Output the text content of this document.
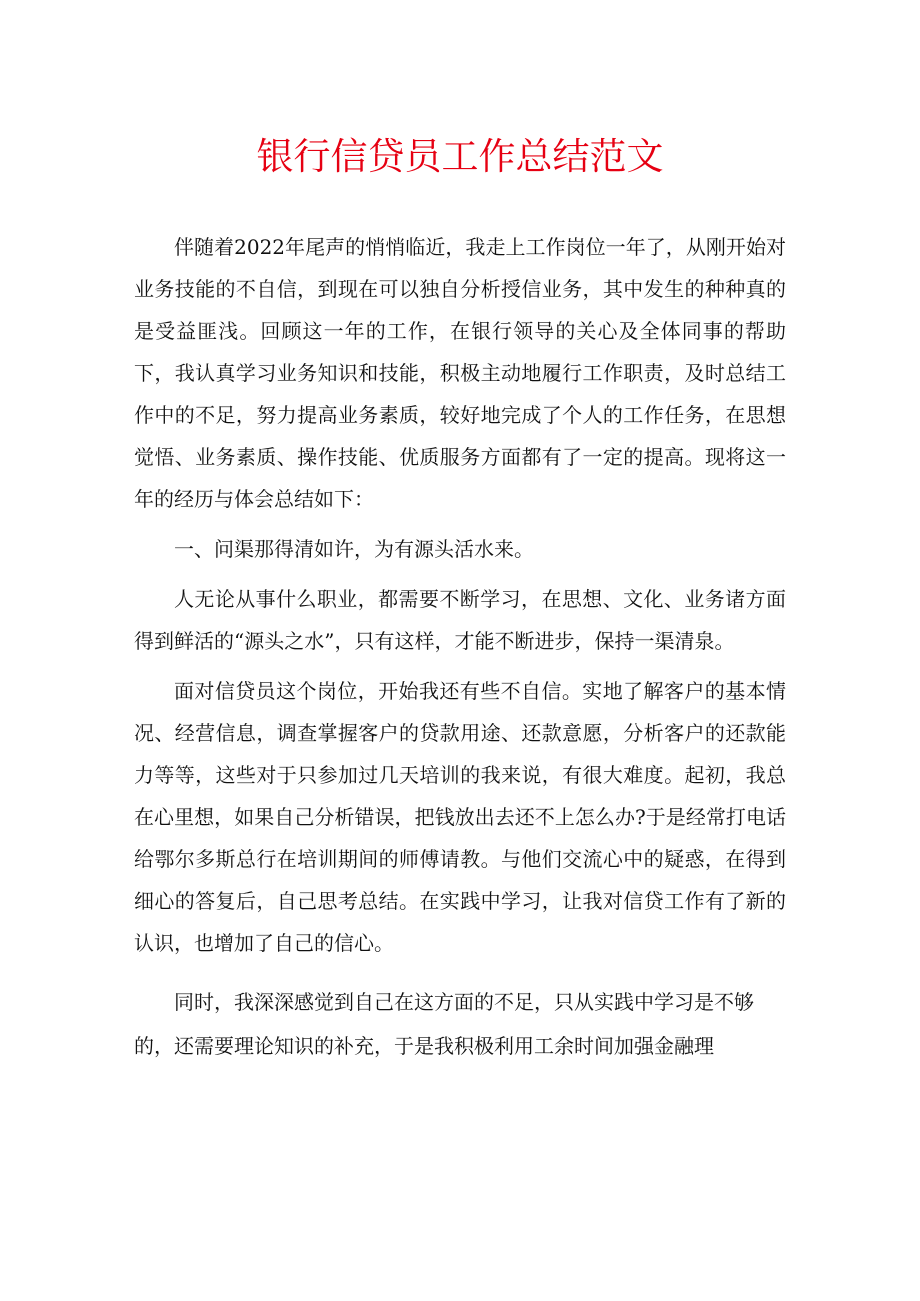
银行信贷员工作总结范文

伴随着2022年尾声的悄悄临近，我走上工作岗位一年了，从刚开始对业务技能的不自信，到现在可以独自分析授信业务，其中发生的种种真的是受益匪浅。回顾这一年的工作，在银行领导的关心及全体同事的帮助下，我认真学习业务知识和技能，积极主动地履行工作职责，及时总结工作中的不足，努力提高业务素质，较好地完成了个人的工作任务，在思想觉悟、业务素质、操作技能、优质服务方面都有了一定的提高。现将这一年的经历与体会总结如下：

一、问渠那得清如许，为有源头活水来。

人无论从事什么职业，都需要不断学习，在思想、文化、业务诸方面得到鲜活的“源头之水”，只有这样，才能不断进步，保持一渠清泉。

面对信贷员这个岗位，开始我还有些不自信。实地了解客户的基本情况、经营信息，调查掌握客户的贷款用途、还款意愿，分析客户的还款能力等等，这些对于只参加过几天培训的我来说，有很大难度。起初，我总在心里想，如果自己分析错误，把钱放出去还不上怎么办?于是经常打电话给鄂尔多斯总行在培训期间的师傅请教。与他们交流心中的疑惑，在得到细心的答复后，自己思考总结。在实践中学习，让我对信贷工作有了新的认识，也增加了自己的信心。

同时，我深深感觉到自己在这方面的不足，只从实践中学习是不够的，还需要理论知识的补充，于是我积极利用工余时间加强金融理
